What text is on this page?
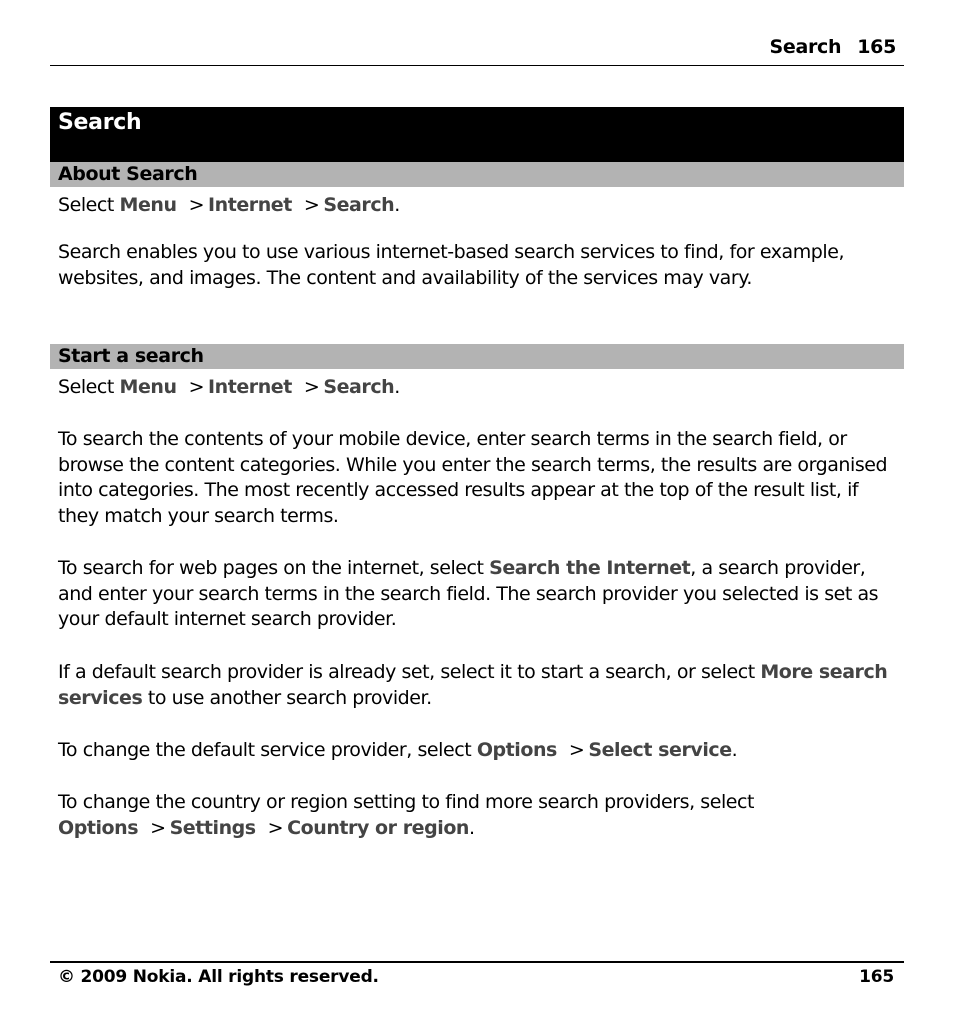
Search 165
Search
About Search

Select Menu > Internet > Search.

Search enables you to use various internet-based search services to find, for example, websites, and images. The content and availability of the services may vary.

Start a search

Select Menu > Internet > Search.

To search the contents of your mobile device, enter search terms in the search field, or browse the content categories. While you enter the search terms, the results are organised into categories. The most recently accessed results appear at the top of the result list, if they match your search terms.

To search for web pages on the internet, select Search the Internet, a search provider, and enter your search terms in the search field. The search provider you selected is set as your default internet search provider.

If a default search provider is already set, select it to start a search, or select More search services to use another search provider.

To change the default service provider, select Options > Select service.

To change the country or region setting to find more search providers, select Options > Settings > Country or region.

© 2009 Nokia. All rights reserved.	165
